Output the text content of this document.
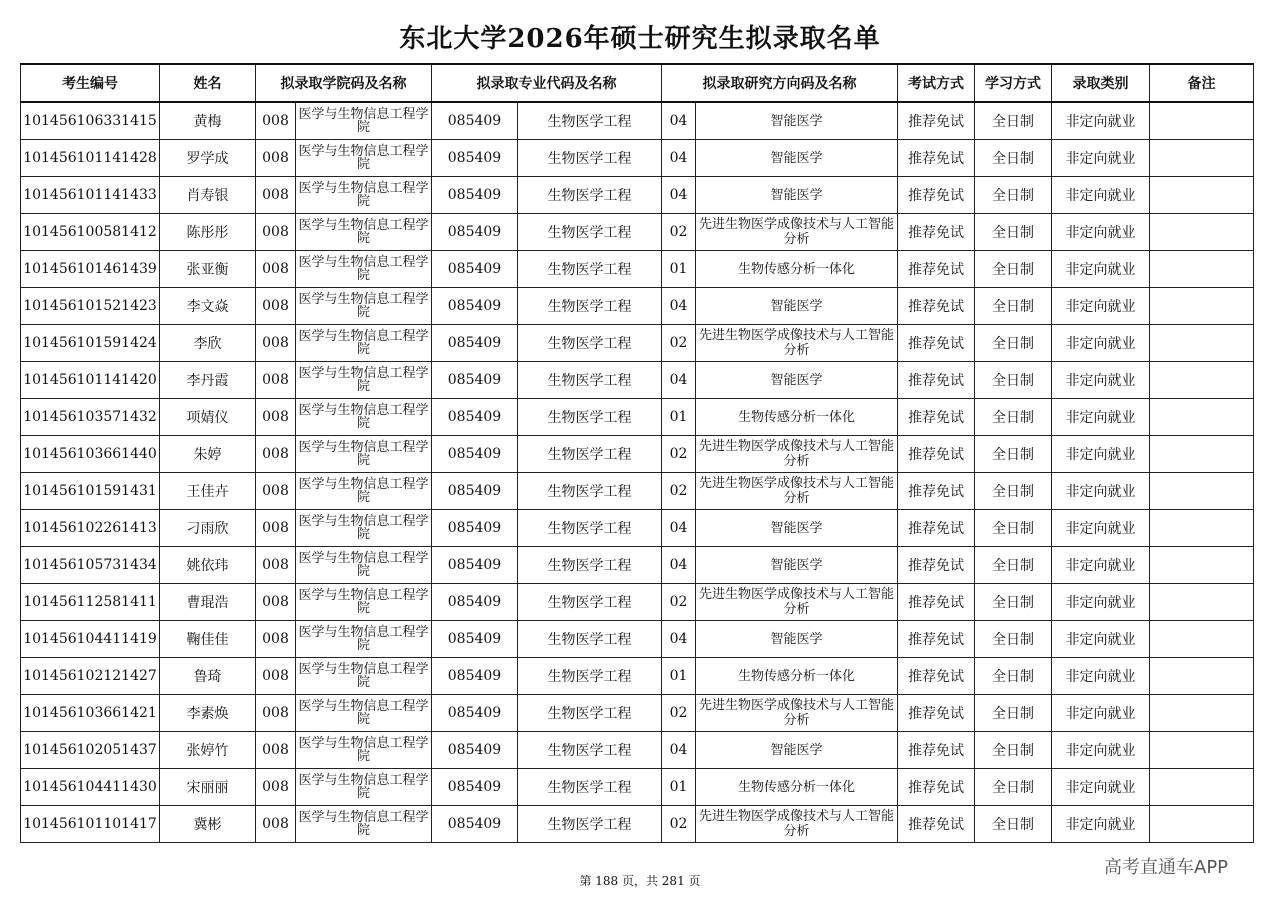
东北大学2026年硕士研究生拟录取名单
考生编号	姓名	拟录取学院码及名称		拟录取专业代码及名称		拟录取研究方向码及名称		考试方式	学习方式	录取类别	备注
101456106331415	黄梅	008	医学与生物信息工程学院	085409	生物医学工程	04	智能医学	推荐免试	全日制	非定向就业	
101456101141428	罗学成	008	医学与生物信息工程学院	085409	生物医学工程	04	智能医学	推荐免试	全日制	非定向就业	
101456101141433	肖寿银	008	医学与生物信息工程学院	085409	生物医学工程	04	智能医学	推荐免试	全日制	非定向就业	
101456100581412	陈彤彤	008	医学与生物信息工程学院	085409	生物医学工程	02	先进生物医学成像技术与人工智能分析	推荐免试	全日制	非定向就业	
101456101461439	张亚衡	008	医学与生物信息工程学院	085409	生物医学工程	01	生物传感分析一体化	推荐免试	全日制	非定向就业	
101456101521423	李文焱	008	医学与生物信息工程学院	085409	生物医学工程	04	智能医学	推荐免试	全日制	非定向就业	
101456101591424	李欣	008	医学与生物信息工程学院	085409	生物医学工程	02	先进生物医学成像技术与人工智能分析	推荐免试	全日制	非定向就业	
101456101141420	李丹霞	008	医学与生物信息工程学院	085409	生物医学工程	04	智能医学	推荐免试	全日制	非定向就业	
101456103571432	项婧仪	008	医学与生物信息工程学院	085409	生物医学工程	01	生物传感分析一体化	推荐免试	全日制	非定向就业	
101456103661440	朱婷	008	医学与生物信息工程学院	085409	生物医学工程	02	先进生物医学成像技术与人工智能分析	推荐免试	全日制	非定向就业	
101456101591431	王佳卉	008	医学与生物信息工程学院	085409	生物医学工程	02	先进生物医学成像技术与人工智能分析	推荐免试	全日制	非定向就业	
101456102261413	刁雨欣	008	医学与生物信息工程学院	085409	生物医学工程	04	智能医学	推荐免试	全日制	非定向就业	
101456105731434	姚依玮	008	医学与生物信息工程学院	085409	生物医学工程	04	智能医学	推荐免试	全日制	非定向就业	
101456112581411	曹琨浩	008	医学与生物信息工程学院	085409	生物医学工程	02	先进生物医学成像技术与人工智能分析	推荐免试	全日制	非定向就业	
101456104411419	鞠佳佳	008	医学与生物信息工程学院	085409	生物医学工程	04	智能医学	推荐免试	全日制	非定向就业	
101456102121427	鲁琦	008	医学与生物信息工程学院	085409	生物医学工程	01	生物传感分析一体化	推荐免试	全日制	非定向就业	
101456103661421	李素焕	008	医学与生物信息工程学院	085409	生物医学工程	02	先进生物医学成像技术与人工智能分析	推荐免试	全日制	非定向就业	
101456102051437	张婷竹	008	医学与生物信息工程学院	085409	生物医学工程	04	智能医学	推荐免试	全日制	非定向就业	
101456104411430	宋丽丽	008	医学与生物信息工程学院	085409	生物医学工程	01	生物传感分析一体化	推荐免试	全日制	非定向就业	
101456101101417	冀彬	008	医学与生物信息工程学院	085409	生物医学工程	02	先进生物医学成像技术与人工智能分析	推荐免试	全日制	非定向就业	
第 188 页，共 281 页
高考直通车APP
